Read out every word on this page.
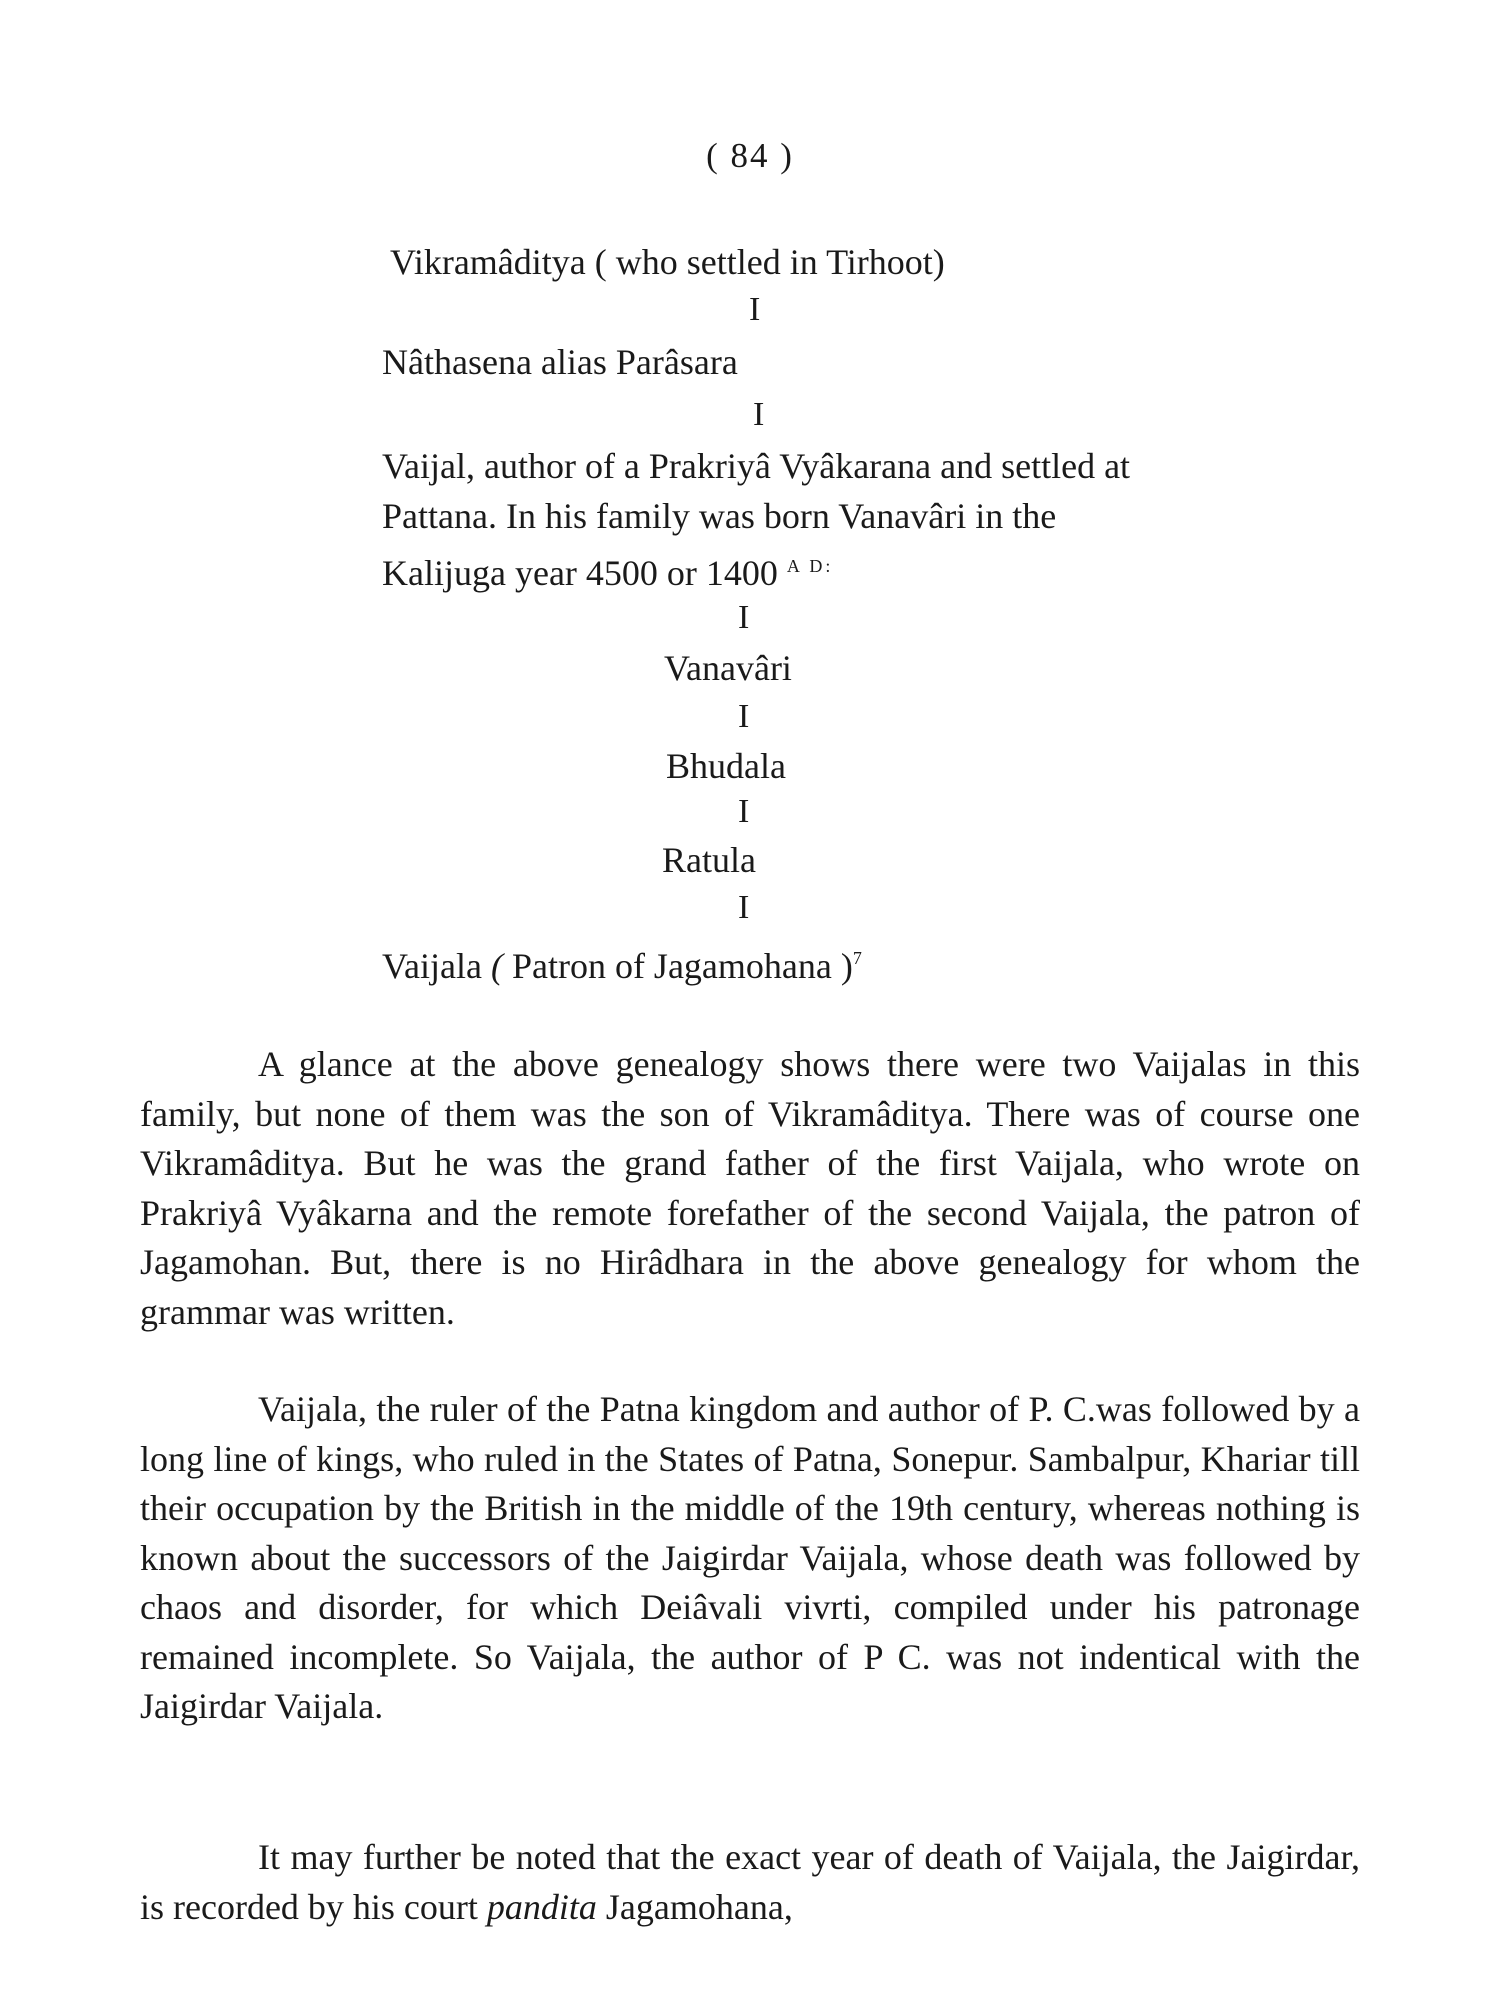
( 84 )
Vikramâditya ( who settled in Tirhoot)
I
Nâthasena alias Parâsara
I
Vaijal, author of a Prakriyâ Vyâkarana and settled at
Pattana. In his family was born Vanavâri in the
Kalijuga year 4500 or 1400 $^{A D:}$
I
Vanavâri
I
Bhudala
I
Ratula
I
Vaijala ( Patron of Jagamohana )$^7$

A glance at the above genealogy shows there were two Vaijalas in this family, but none of them was the son of Vikramâditya. There was of course one Vikramâditya. But he was the grand father of the first Vaijala, who wrote on Prakriyâ Vyâkarna and the remote forefather of the second Vaijala, the patron of Jagamohan. But, there is no Hirâdhara in the above genealogy for whom the grammar was written.

Vaijala, the ruler of the Patna kingdom and author of P. C.was followed by a long line of kings, who ruled in the States of Patna, Sonepur. Sambalpur, Khariar till their occupation by the British in the middle of the 19th century, whereas nothing is known about the successors of the Jaigirdar Vaijala, whose death was followed by chaos and disorder, for which Deiâvali vivrti, compiled under his patronage remained incomplete. So Vaijala, the author of P C. was not indentical with the Jaigirdar Vaijala.

It may further be noted that the exact year of death of Vaijala, the Jaigirdar, is recorded by his court pandita Jagamohana,
